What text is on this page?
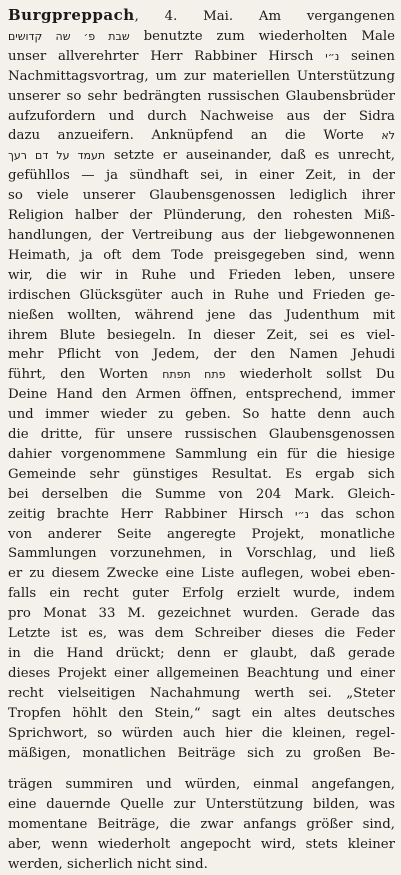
Burgpreppach, 4. Mai. Am vergangenen

שבת פ׳ שה קדושים benutzte zum wiederholten Male

unser allverehrter Herr Rabbiner Hirsch נ״י seinen

Nachmittagsvortrag, um zur materiellen Unterstützung

unserer so sehr bedrängten russischen Glaubensbrüder

aufzufordern und durch Nachweise aus der Sidra

dazu anzueifern. Anknüpfend an die Worte לא

תעמד על דם רעך setzte er auseinander, daß es unrecht,

gefühllos — ja sündhaft sei, in einer Zeit, in der

so viele unserer Glaubensgenossen lediglich ihrer

Religion halber der Plünderung, den rohesten Miß-

handlungen, der Vertreibung aus der liebgewonnenen

Heimath, ja oft dem Tode preisgegeben sind, wenn

wir, die wir in Ruhe und Frieden leben, unsere

irdischen Glücksgüter auch in Ruhe und Frieden ge-

nießen wollten, während jene das Judenthum mit

ihrem Blute besiegeln. In dieser Zeit, sei es viel-

mehr Pflicht von Jedem, der den Namen Jehudi

führt, den Worten פתח תפתח wiederholt sollst Du

Deine Hand den Armen öffnen, entsprechend, immer

und immer wieder zu geben. So hatte denn auch

die dritte, für unsere russischen Glaubensgenossen

dahier vorgenommene Sammlung ein für die hiesige

Gemeinde sehr günstiges Resultat. Es ergab sich

bei derselben die Summe von 204 Mark. Gleich-

zeitig brachte Herr Rabbiner Hirsch נ״י das schon

von anderer Seite angeregte Projekt, monatliche

Sammlungen vorzunehmen, in Vorschlag, und ließ

er zu diesem Zwecke eine Liste auflegen, wobei eben-

falls ein recht guter Erfolg erzielt wurde, indem

pro Monat 33 M. gezeichnet wurden. Gerade das

Letzte ist es, was dem Schreiber dieses die Feder

in die Hand drückt; denn er glaubt, daß gerade

dieses Projekt einer allgemeinen Beachtung und einer

recht vielseitigen Nachahmung werth sei. „Steter

Tropfen höhlt den Stein,“ sagt ein altes deutsches

Sprichwort, so würden auch hier die kleinen, regel-

mäßigen, monatlichen Beiträge sich zu großen Be-

trägen summiren und würden, einmal angefangen,

eine dauernde Quelle zur Unterstützung bilden, was

momentane Beiträge, die zwar anfangs größer sind,

aber, wenn wiederholt angepocht wird, stets kleiner

werden, sicherlich nicht sind.
